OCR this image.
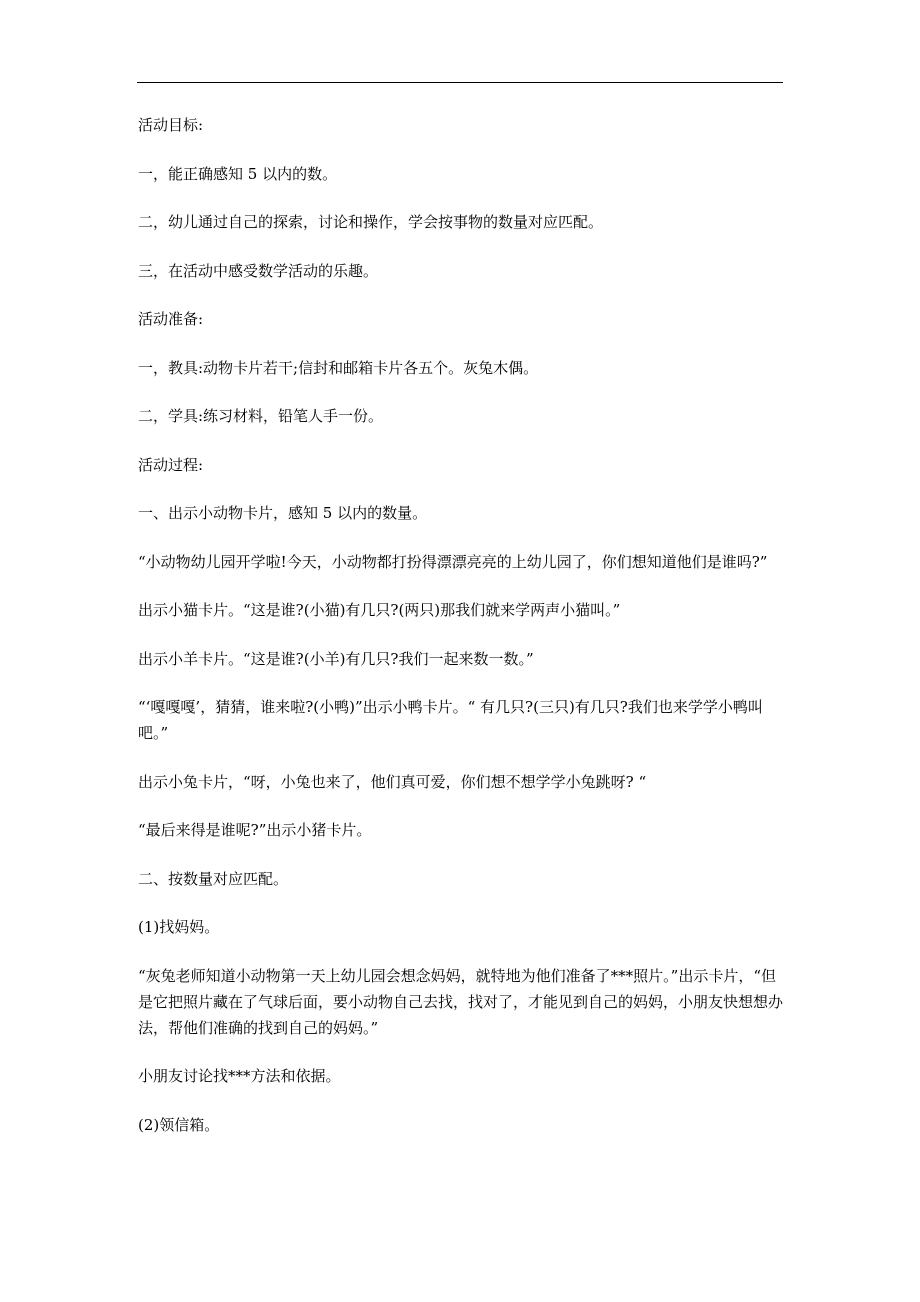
活动目标:

一，能正确感知 5 以内的数。

二，幼儿通过自己的探索，讨论和操作，学会按事物的数量对应匹配。

三，在活动中感受数学活动的乐趣。

活动准备:

一，教具:动物卡片若干;信封和邮箱卡片各五个。灰兔木偶。

二，学具:练习材料，铅笔人手一份。

活动过程:

一、出示小动物卡片，感知 5 以内的数量。

“小动物幼儿园开学啦!今天，小动物都打扮得漂漂亮亮的上幼儿园了，你们想知道他们是谁吗?”

出示小猫卡片。“这是谁?(小猫)有几只?(两只)那我们就来学两声小猫叫。”

出示小羊卡片。“这是谁?(小羊)有几只?我们一起来数一数。”

“‘嘎嘎嘎’，猜猜，谁来啦?(小鸭)”出示小鸭卡片。“ 有几只?(三只)有几只?我们也来学学小鸭叫吧。”

出示小兔卡片，“呀，小兔也来了，他们真可爱，你们想不想学学小兔跳呀? “

“最后来得是谁呢?”出示小猪卡片。

二、按数量对应匹配。

(1)找妈妈。

“灰兔老师知道小动物第一天上幼儿园会想念妈妈，就特地为他们准备了***照片。”出示卡片，“但是它把照片藏在了气球后面，要小动物自己去找，找对了，才能见到自己的妈妈，小朋友快想想办法，帮他们准确的找到自己的妈妈。”

小朋友讨论找***方法和依据。

(2)领信箱。
